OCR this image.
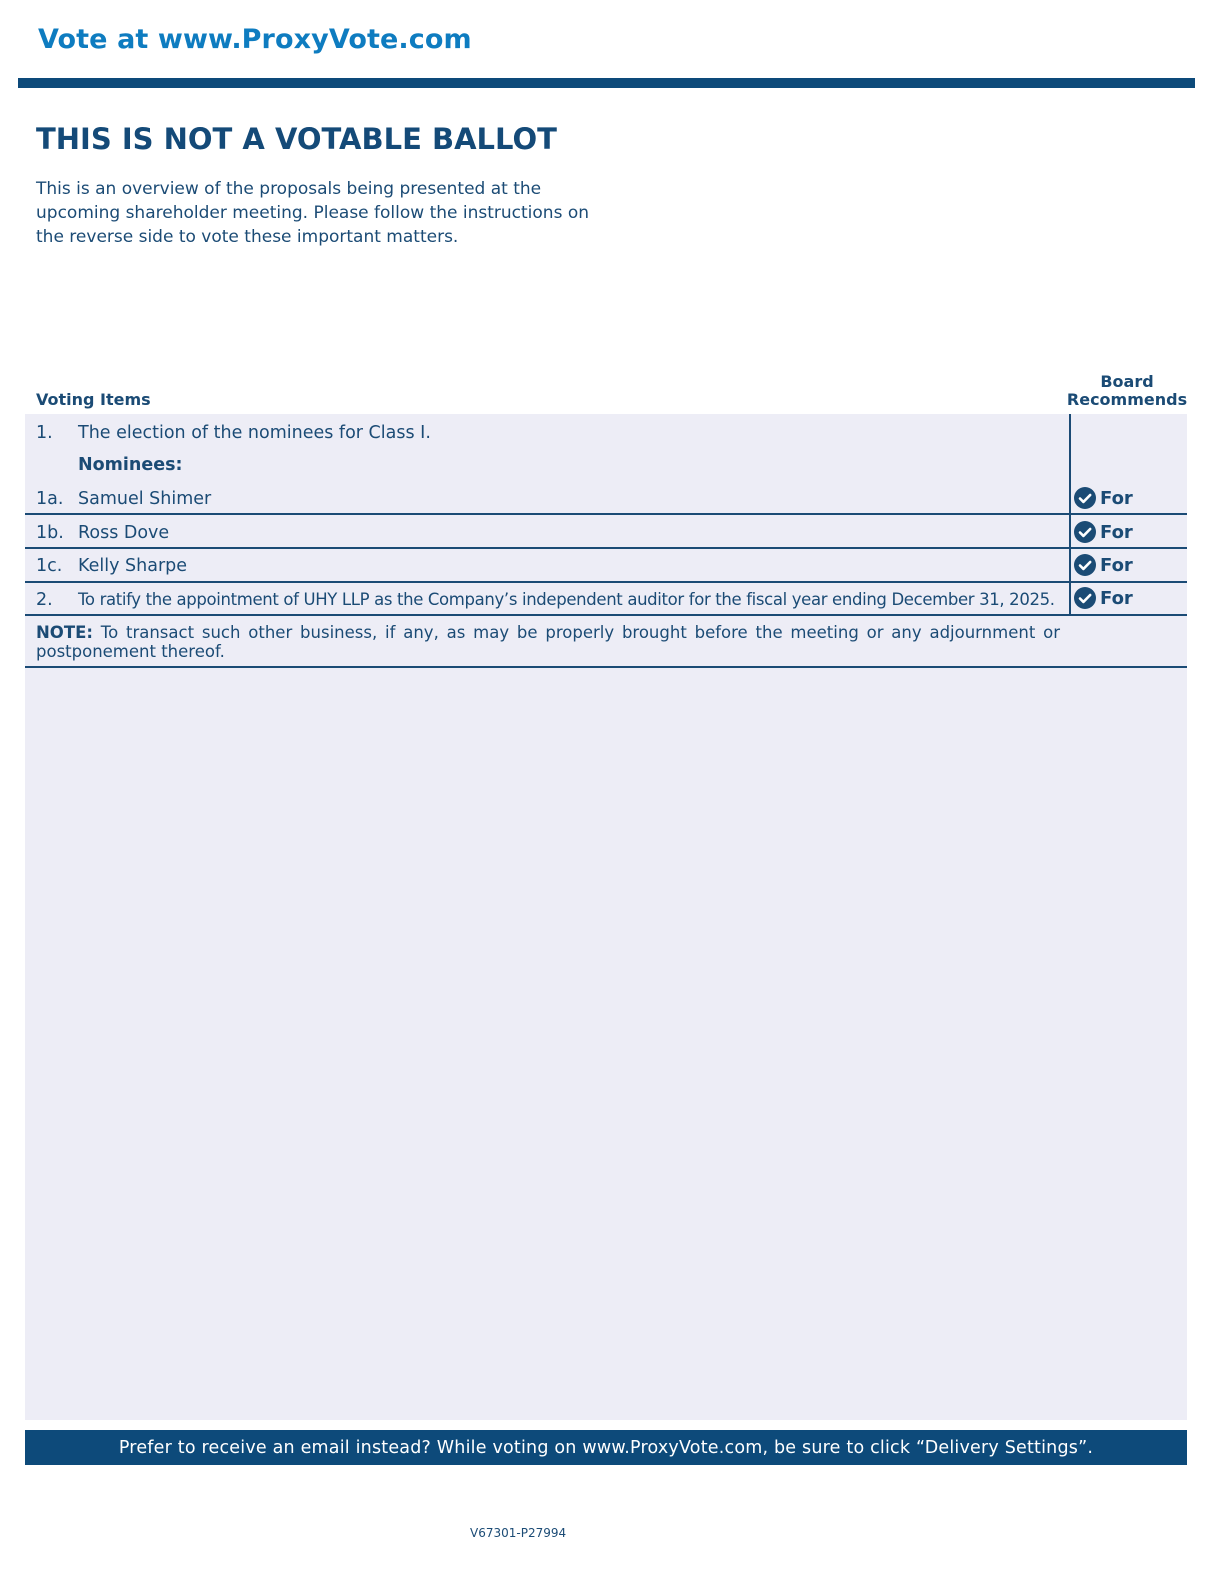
Vote at www.ProxyVote.com
THIS IS NOT A VOTABLE BALLOT
This is an overview of the proposals being presented at the upcoming shareholder meeting. Please follow the instructions on the reverse side to vote these important matters.
Voting Items
Board
Recommends
1. The election of the nominees for Class I.
Nominees:
1a. Samuel Shimer	For
1b. Ross Dove	For
1c. Kelly Sharpe	For
2. To ratify the appointment of UHY LLP as the Company’s independent auditor for the fiscal year ending December 31, 2025.	For
NOTE: To transact such other business, if any, as may be properly brought before the meeting or any adjournment or postponement thereof.
Prefer to receive an email instead? While voting on www.ProxyVote.com, be sure to click “Delivery Settings”.
V67301-P27994
